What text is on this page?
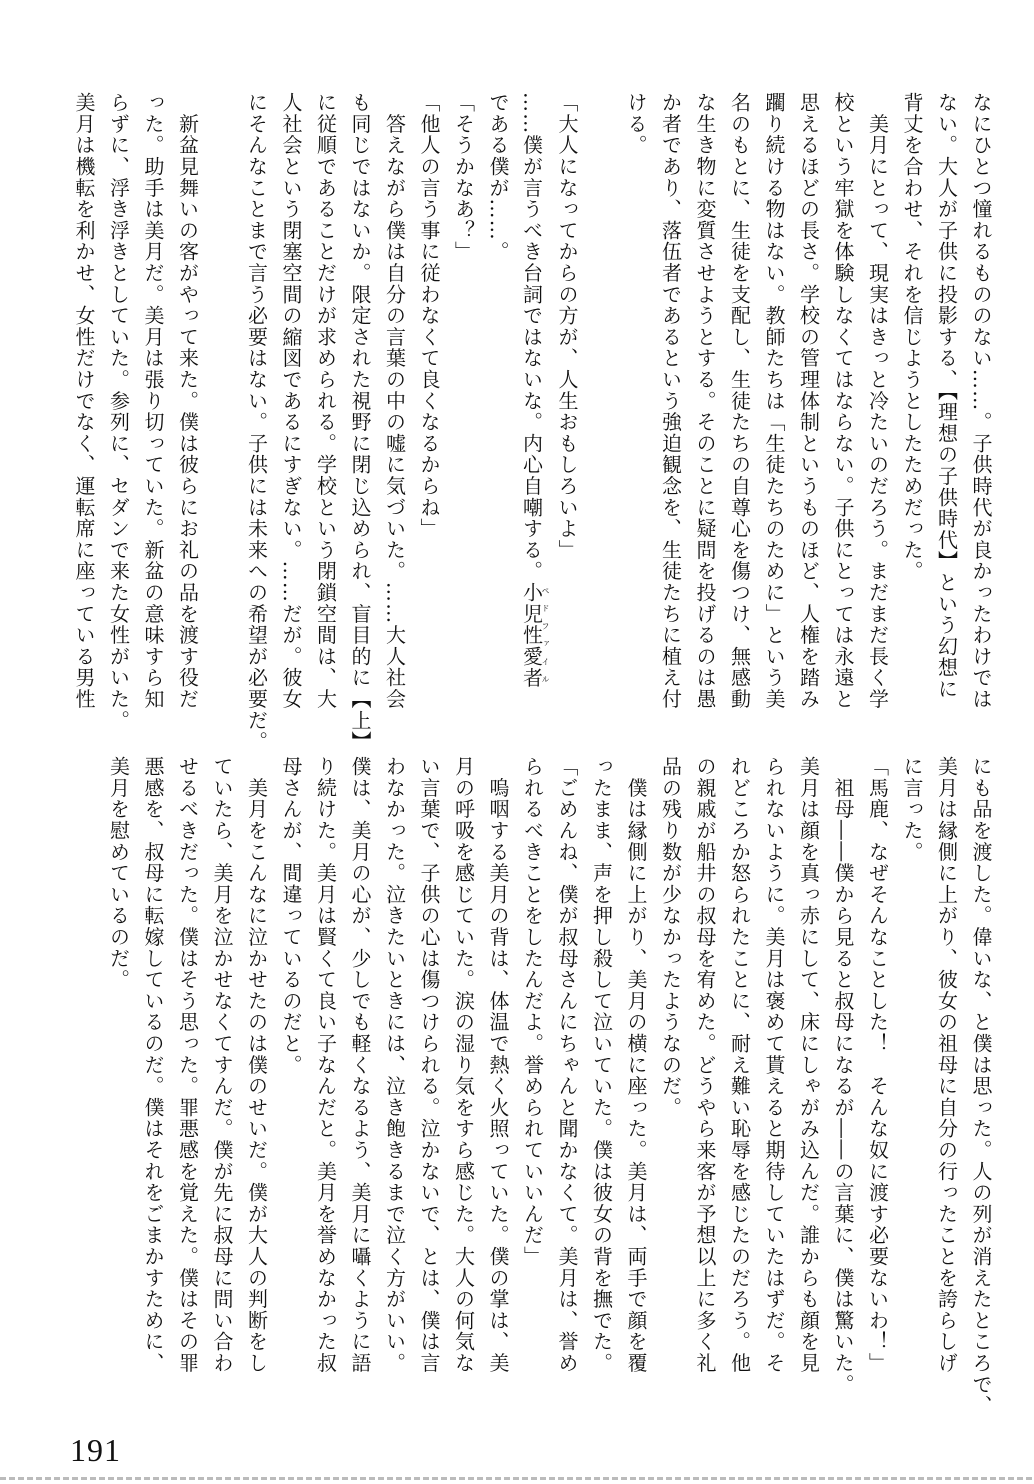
なにひとつ憧れるもののない……。子供時代が良かったわけでは
ない。大人が子供に投影する、【理想の子供時代】という幻想に
背丈を合わせ、それを信じようとしたためだった。
　美月にとって、現実はきっと冷たいのだろう。まだまだ長く学
校という牢獄を体験しなくてはならない。子供にとっては永遠と
思えるほどの長さ。学校の管理体制というものほど、人権を踏み
躙り続ける物はない。教師たちは「生徒たちのために」という美
名のもとに、生徒を支配し、生徒たちの自尊心を傷つけ、無感動
な生き物に変質させようとする。そのことに疑問を投げるのは愚
か者であり、落伍者であるという強迫観念を、生徒たちに植え付
ける。
「大人になってからの方が、人生おもしろいよ」
……僕が言うべき台詞ではないな。内心自嘲する。小児性愛者ペドファイル
である僕が……。
「そうかなあ？」
「他人の言う事に従わなくて良くなるからね」
　答えながら僕は自分の言葉の中の嘘に気づいた。……大人社会
も同じではないか。限定された視野に閉じ込められ、盲目的に【上】
に従順であることだけが求められる。学校という閉鎖空間は、大
人社会という閉塞空間の縮図であるにすぎない。……だが。彼女
にそんなことまで言う必要はない。子供には未来への希望が必要だ。
　新盆見舞いの客がやって来た。僕は彼らにお礼の品を渡す役だ
った。助手は美月だ。美月は張り切っていた。新盆の意味すら知
らずに、浮き浮きとしていた。参列に、セダンで来た女性がいた。
美月は機転を利かせ、女性だけでなく、運転席に座っている男性
にも品を渡した。偉いな、と僕は思った。人の列が消えたところで、
美月は縁側に上がり、彼女の祖母に自分の行ったことを誇らしげ
に言った。
「馬鹿、なぜそんなことした！　そんな奴に渡す必要ないわ！」
　祖母――僕から見ると叔母になるが――の言葉に、僕は驚いた。
美月は顔を真っ赤にして、床にしゃがみ込んだ。誰からも顔を見
られないように。美月は褒めて貰えると期待していたはずだ。そ
れどころか怒られたことに、耐え難い恥辱を感じたのだろう。他
の親戚が船井の叔母を宥めた。どうやら来客が予想以上に多く礼
品の残り数が少なかったようなのだ。
　僕は縁側に上がり、美月の横に座った。美月は、両手で顔を覆
ったまま、声を押し殺して泣いていた。僕は彼女の背を撫でた。
「ごめんね、僕が叔母さんにちゃんと聞かなくて。美月は、誉め
られるべきことをしたんだよ。誉められていいんだ」
　嗚咽する美月の背は、体温で熱く火照っていた。僕の掌は、美
月の呼吸を感じていた。涙の湿り気をすら感じた。大人の何気な
い言葉で、子供の心は傷つけられる。泣かないで、とは、僕は言
わなかった。泣きたいときには、泣き飽きるまで泣く方がいい。
僕は、美月の心が、少しでも軽くなるよう、美月に囁くように語
り続けた。美月は賢くて良い子なんだと。美月を誉めなかった叔
母さんが、間違っているのだと。
　美月をこんなに泣かせたのは僕のせいだ。僕が大人の判断をし
ていたら、美月を泣かせなくてすんだ。僕が先に叔母に問い合わ
せるべきだった。僕はそう思った。罪悪感を覚えた。僕はその罪
悪感を、叔母に転嫁しているのだ。僕はそれをごまかすために、
美月を慰めているのだ。
191
